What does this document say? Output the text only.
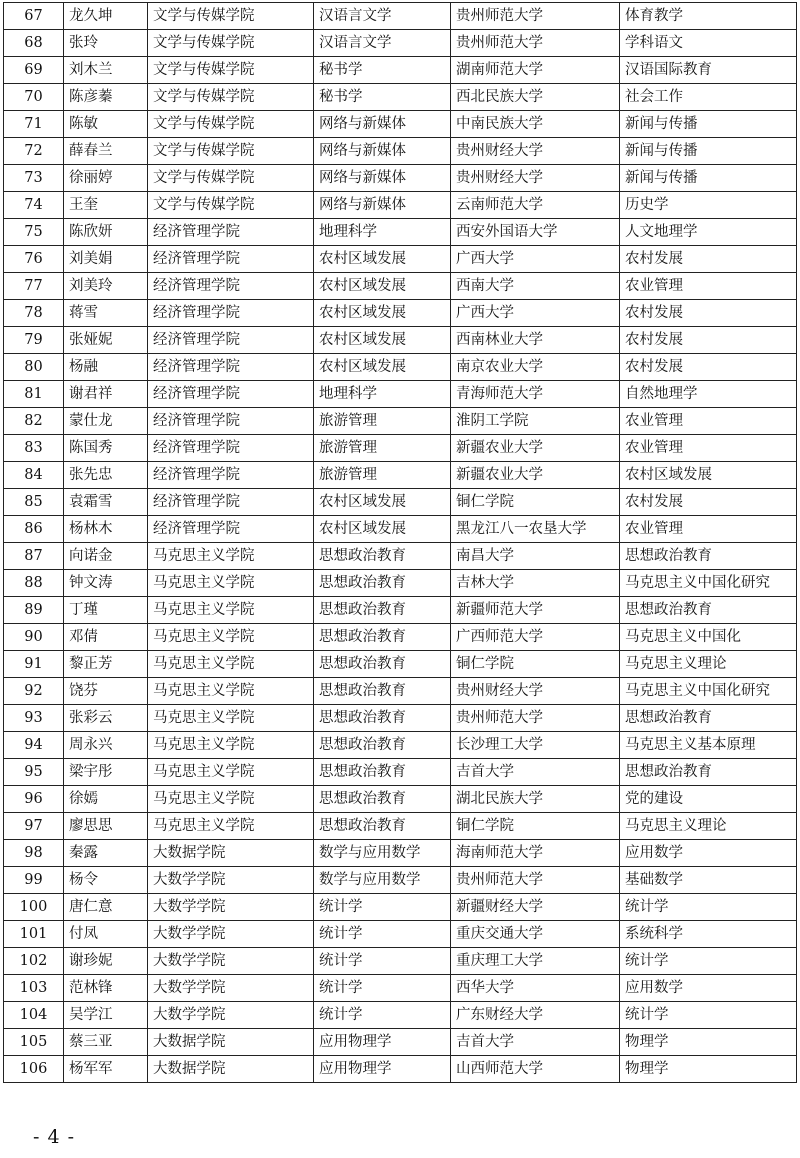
67	龙久坤	文学与传媒学院	汉语言文学	贵州师范大学	体育教学
68	张玲	文学与传媒学院	汉语言文学	贵州师范大学	学科语文
69	刘木兰	文学与传媒学院	秘书学	湖南师范大学	汉语国际教育
70	陈彦蓁	文学与传媒学院	秘书学	西北民族大学	社会工作
71	陈敏	文学与传媒学院	网络与新媒体	中南民族大学	新闻与传播
72	薛春兰	文学与传媒学院	网络与新媒体	贵州财经大学	新闻与传播
73	徐丽婷	文学与传媒学院	网络与新媒体	贵州财经大学	新闻与传播
74	王奎	文学与传媒学院	网络与新媒体	云南师范大学	历史学
75	陈欣妍	经济管理学院	地理科学	西安外国语大学	人文地理学
76	刘美娟	经济管理学院	农村区域发展	广西大学	农村发展
77	刘美玲	经济管理学院	农村区域发展	西南大学	农业管理
78	蒋雪	经济管理学院	农村区域发展	广西大学	农村发展
79	张娅妮	经济管理学院	农村区域发展	西南林业大学	农村发展
80	杨融	经济管理学院	农村区域发展	南京农业大学	农村发展
81	谢君祥	经济管理学院	地理科学	青海师范大学	自然地理学
82	蒙仕龙	经济管理学院	旅游管理	淮阴工学院	农业管理
83	陈国秀	经济管理学院	旅游管理	新疆农业大学	农业管理
84	张先忠	经济管理学院	旅游管理	新疆农业大学	农村区域发展
85	袁霜雪	经济管理学院	农村区域发展	铜仁学院	农村发展
86	杨林木	经济管理学院	农村区域发展	黑龙江八一农垦大学	农业管理
87	向诺金	马克思主义学院	思想政治教育	南昌大学	思想政治教育
88	钟文涛	马克思主义学院	思想政治教育	吉林大学	马克思主义中国化研究
89	丁瑾	马克思主义学院	思想政治教育	新疆师范大学	思想政治教育
90	邓倩	马克思主义学院	思想政治教育	广西师范大学	马克思主义中国化
91	黎正芳	马克思主义学院	思想政治教育	铜仁学院	马克思主义理论
92	饶芬	马克思主义学院	思想政治教育	贵州财经大学	马克思主义中国化研究
93	张彩云	马克思主义学院	思想政治教育	贵州师范大学	思想政治教育
94	周永兴	马克思主义学院	思想政治教育	长沙理工大学	马克思主义基本原理
95	梁宇彤	马克思主义学院	思想政治教育	吉首大学	思想政治教育
96	徐嫣	马克思主义学院	思想政治教育	湖北民族大学	党的建设
97	廖思思	马克思主义学院	思想政治教育	铜仁学院	马克思主义理论
98	秦露	大数据学院	数学与应用数学	海南师范大学	应用数学
99	杨令	大数学学院	数学与应用数学	贵州师范大学	基础数学
100	唐仁意	大数学学院	统计学	新疆财经大学	统计学
101	付凤	大数学学院	统计学	重庆交通大学	系统科学
102	谢珍妮	大数学学院	统计学	重庆理工大学	统计学
103	范林锋	大数学学院	统计学	西华大学	应用数学
104	吴学江	大数学学院	统计学	广东财经大学	统计学
105	蔡三亚	大数据学院	应用物理学	吉首大学	物理学
106	杨军军	大数据学院	应用物理学	山西师范大学	物理学
- 4 -
